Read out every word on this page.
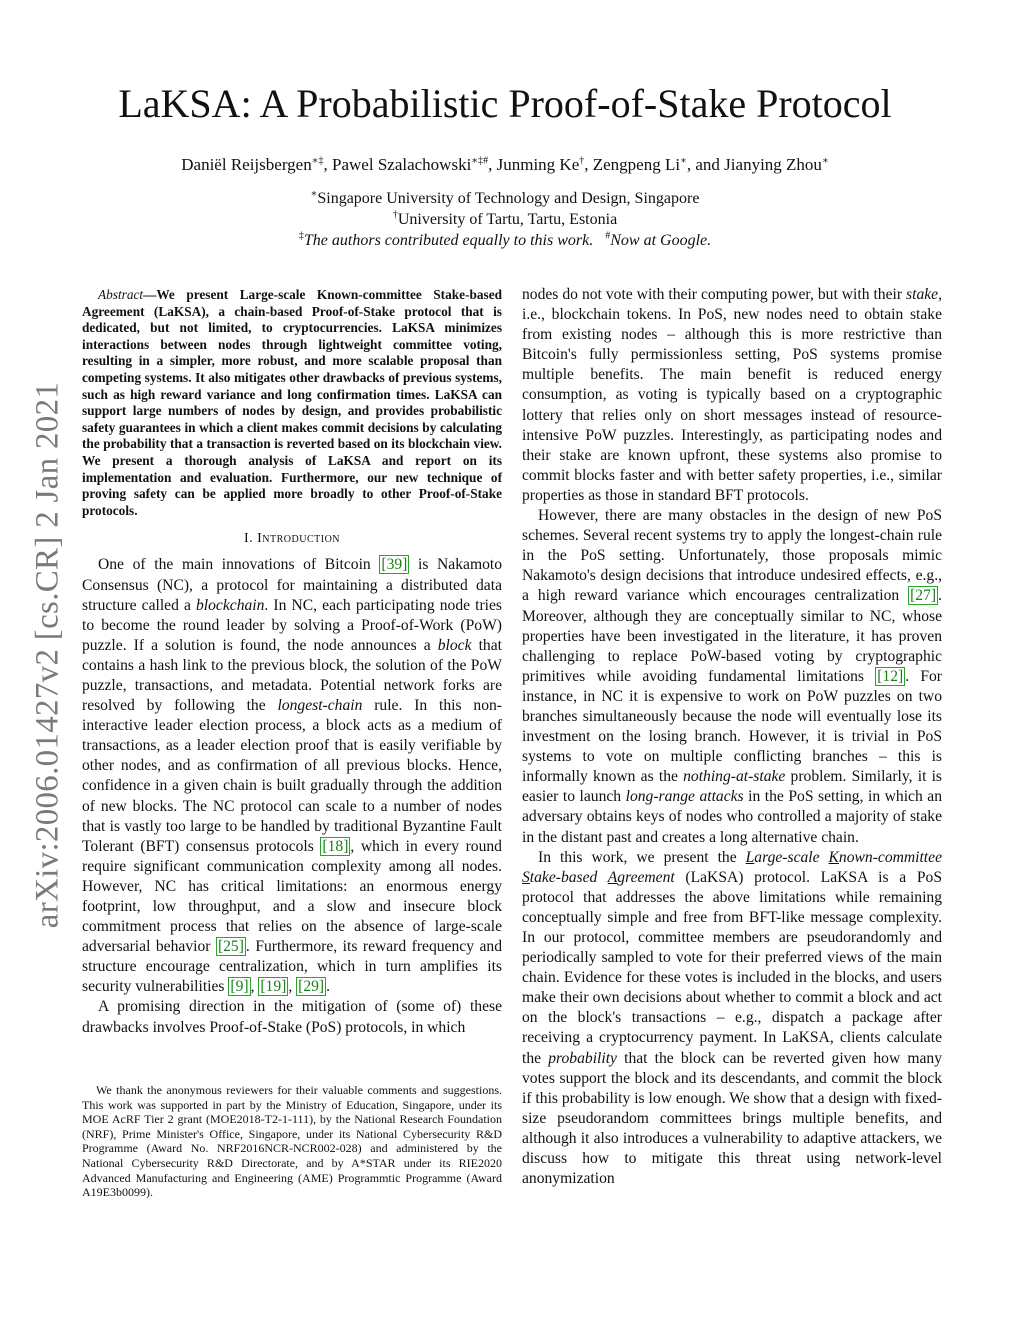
arXiv:2006.01427v2 [cs.CR] 2 Jan 2021
LaKSA: A Probabilistic Proof-of-Stake Protocol
Daniël Reijsbergen∗‡, Pawel Szalachowski∗‡#, Junming Ke†, Zengpeng Li∗, and Jianying Zhou∗
∗Singapore University of Technology and Design, Singapore
†University of Tartu, Tartu, Estonia
‡The authors contributed equally to this work. #Now at Google.

Abstract—We present Large-scale Known-committee Stake-based Agreement (LaKSA), a chain-based Proof-of-Stake protocol that is dedicated, but not limited, to cryptocurrencies. LaKSA minimizes interactions between nodes through lightweight committee voting, resulting in a simpler, more robust, and more scalable proposal than competing systems. It also mitigates other drawbacks of previous systems, such as high reward variance and long confirmation times. LaKSA can support large numbers of nodes by design, and provides probabilistic safety guarantees in which a client makes commit decisions by calculating the probability that a transaction is reverted based on its blockchain view. We present a thorough analysis of LaKSA and report on its implementation and evaluation. Furthermore, our new technique of proving safety can be applied more broadly to other Proof-of-Stake protocols.

I. Introduction

One of the main innovations of Bitcoin [39] is Nakamoto Consensus (NC), a protocol for maintaining a distributed data structure called a blockchain. In NC, each participating node tries to become the round leader by solving a Proof-of-Work (PoW) puzzle. If a solution is found, the node announces a block that contains a hash link to the previous block, the solution of the PoW puzzle, transactions, and metadata. Potential network forks are resolved by following the longest-chain rule. In this non-interactive leader election process, a block acts as a medium of transactions, as a leader election proof that is easily verifiable by other nodes, and as confirmation of all previous blocks. Hence, confidence in a given chain is built gradually through the addition of new blocks. The NC protocol can scale to a number of nodes that is vastly too large to be handled by traditional Byzantine Fault Tolerant (BFT) consensus protocols [18] , which in every round require significant communication complexity among all nodes. However, NC has critical limitations: an enormous energy footprint, low throughput, and a slow and insecure block commitment process that relies on the absence of large-scale adversarial behavior [25] . Furthermore, its reward frequency and structure encourage centralization, which in turn amplifies its security vulnerabilities [9] , [19] , [29] .

A promising direction in the mitigation of (some of) these drawbacks involves Proof-of-Stake (PoS) protocols, in which

We thank the anonymous reviewers for their valuable comments and suggestions. This work was supported in part by the Ministry of Education, Singapore, under its MOE AcRF Tier 2 grant (MOE2018-T2-1-111), by the National Research Foundation (NRF), Prime Minister's Office, Singapore, under its National Cybersecurity R&D Programme (Award No. NRF2016NCR-NCR002-028) and administered by the National Cybersecurity R&D Directorate, and by A*STAR under its RIE2020 Advanced Manufacturing and Engineering (AME) Programmtic Programme (Award A19E3b0099).

nodes do not vote with their computing power, but with their stake, i.e., blockchain tokens. In PoS, new nodes need to obtain stake from existing nodes – although this is more restrictive than Bitcoin's fully permissionless setting, PoS systems promise multiple benefits. The main benefit is reduced energy consumption, as voting is typically based on a cryptographic lottery that relies only on short messages instead of resource-intensive PoW puzzles. Interestingly, as participating nodes and their stake are known upfront, these systems also promise to commit blocks faster and with better safety properties, i.e., similar properties as those in standard BFT protocols.

However, there are many obstacles in the design of new PoS schemes. Several recent systems try to apply the longest-chain rule in the PoS setting. Unfortunately, those proposals mimic Nakamoto's design decisions that introduce undesired effects, e.g., a high reward variance which encourages centralization [27] . Moreover, although they are conceptually similar to NC, whose properties have been investigated in the literature, it has proven challenging to replace PoW-based voting by cryptographic primitives while avoiding fundamental limitations [12] . For instance, in NC it is expensive to work on PoW puzzles on two branches simultaneously because the node will eventually lose its investment on the losing branch. However, it is trivial in PoS systems to vote on multiple conflicting branches – this is informally known as the nothing-at-stake problem. Similarly, it is easier to launch long-range attacks in the PoS setting, in which an adversary obtains keys of nodes who controlled a majority of stake in the distant past and creates a long alternative chain.

In this work, we present the Large-scale Known-committee Stake-based Agreement (LaKSA) protocol. LaKSA is a PoS protocol that addresses the above limitations while remaining conceptually simple and free from BFT-like message complexity. In our protocol, committee members are pseudorandomly and periodically sampled to vote for their preferred views of the main chain. Evidence for these votes is included in the blocks, and users make their own decisions about whether to commit a block and act on the block's transactions – e.g., dispatch a package after receiving a cryptocurrency payment. In LaKSA, clients calculate the probability that the block can be reverted given how many votes support the block and its descendants, and commit the block if this probability is low enough. We show that a design with fixed-size pseudorandom committees brings multiple benefits, and although it also introduces a vulnerability to adaptive attackers, we discuss how to mitigate this threat using network-level anonymization
